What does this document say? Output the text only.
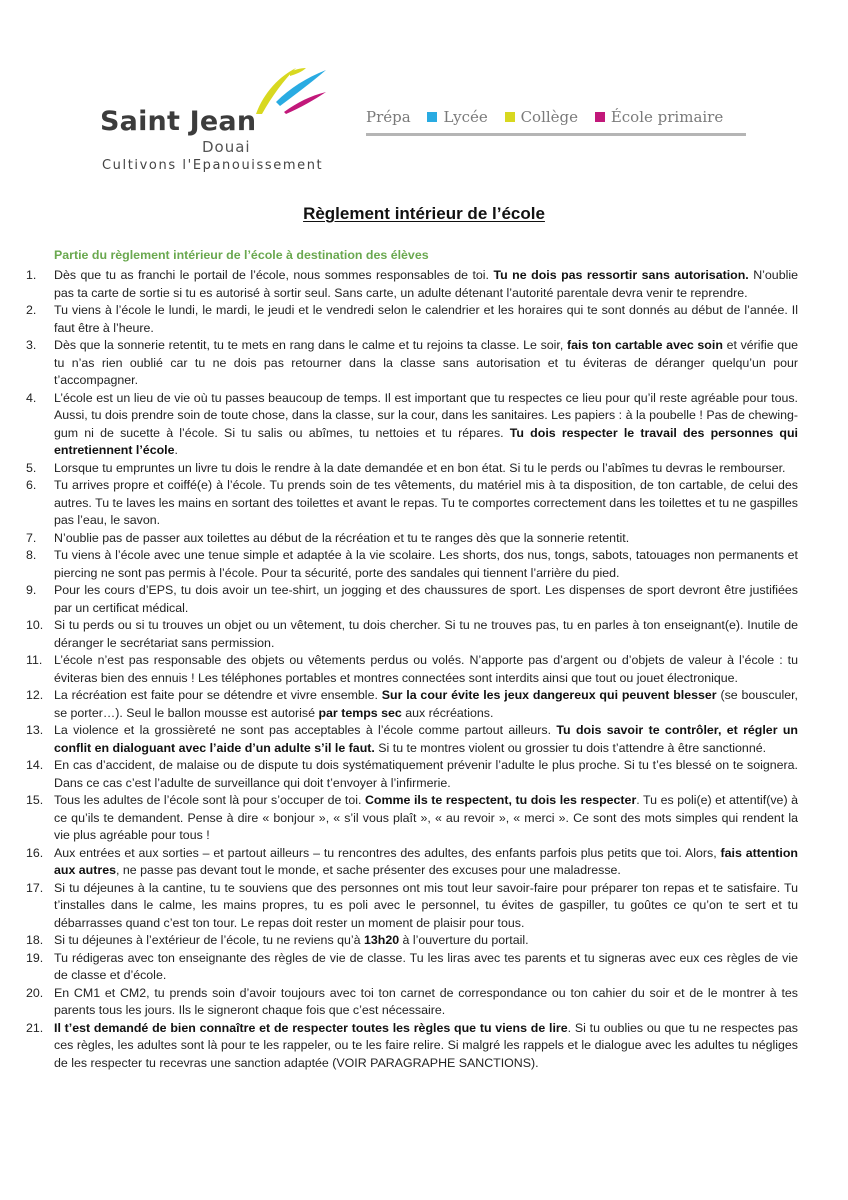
Saint Jean
Douai
Cultivons l'Epanouissement
Prépa
Lycée
Collège
École primaire
Règlement intérieur de l’école
Partie du règlement intérieur de l’école à destination des élèves
1.	Dès que tu as franchi le portail de l’école, nous sommes responsables de toi. Tu ne dois pas ressortir sans autorisation. N’oublie pas ta carte de sortie si tu es autorisé à sortir seul. Sans carte, un adulte détenant l’autorité parentale devra venir te reprendre.
2.	Tu viens à l’école le lundi, le mardi, le jeudi et le vendredi selon le calendrier et les horaires qui te sont donnés au début de l’année. Il faut être à l’heure.
3.	Dès que la sonnerie retentit, tu te mets en rang dans le calme et tu rejoins ta classe. Le soir, fais ton cartable avec soin et vérifie que tu n’as rien oublié car tu ne dois pas retourner dans la classe sans autorisation et tu éviteras de déranger quelqu’un pour t’accompagner.
4.	L’école est un lieu de vie où tu passes beaucoup de temps. Il est important que tu respectes ce lieu pour qu’il reste agréable pour tous. Aussi, tu dois prendre soin de toute chose, dans la classe, sur la cour, dans les sanitaires. Les papiers : à la poubelle ! Pas de chewing-gum ni de sucette à l’école. Si tu salis ou abîmes, tu nettoies et tu répares. Tu dois respecter le travail des personnes qui entretiennent l’école.
5.	Lorsque tu empruntes un livre tu dois le rendre à la date demandée et en bon état. Si tu le perds ou l’abîmes tu devras le rembourser.
6.	Tu arrives propre et coiffé(e) à l’école. Tu prends soin de tes vêtements, du matériel mis à ta disposition, de ton cartable, de celui des autres. Tu te laves les mains en sortant des toilettes et avant le repas. Tu te comportes correctement dans les toilettes et tu ne gaspilles pas l’eau, le savon.
7.	N’oublie pas de passer aux toilettes au début de la récréation et tu te ranges dès que la sonnerie retentit.
8.	Tu viens à l’école avec une tenue simple et adaptée à la vie scolaire. Les shorts, dos nus, tongs, sabots, tatouages non permanents et piercing ne sont pas permis à l’école. Pour ta sécurité, porte des sandales qui tiennent l’arrière du pied.
9.	Pour les cours d’EPS, tu dois avoir un tee-shirt, un jogging et des chaussures de sport. Les dispenses de sport devront être justifiées par un certificat médical.
10. Si tu perds ou si tu trouves un objet ou un vêtement, tu dois chercher. Si tu ne trouves pas, tu en parles à ton enseignant(e). Inutile de déranger le secrétariat sans permission.
11. L’école n’est pas responsable des objets ou vêtements perdus ou volés. N’apporte pas d’argent ou d’objets de valeur à l’école : tu éviteras bien des ennuis ! Les téléphones portables et montres connectées sont interdits ainsi que tout ou jouet électronique.
12. La récréation est faite pour se détendre et vivre ensemble. Sur la cour évite les jeux dangereux qui peuvent blesser (se bousculer, se porter…). Seul le ballon mousse est autorisé par temps sec aux récréations.
13. La violence et la grossièreté ne sont pas acceptables à l’école comme partout ailleurs. Tu dois savoir te contrôler, et régler un conflit en dialoguant avec l’aide d’un adulte s’il le faut. Si tu te montres violent ou grossier tu dois t’attendre à être sanctionné.
14. En cas d’accident, de malaise ou de dispute tu dois systématiquement prévenir l’adulte le plus proche. Si tu t’es blessé on te soignera. Dans ce cas c’est l’adulte de surveillance qui doit t’envoyer à l’infirmerie.
15. Tous les adultes de l’école sont là pour s’occuper de toi. Comme ils te respectent, tu dois les respecter. Tu es poli(e) et attentif(ve) à ce qu’ils te demandent. Pense à dire « bonjour », « s’il vous plaît », « au revoir », « merci ». Ce sont des mots simples qui rendent la vie plus agréable pour tous !
16. Aux entrées et aux sorties – et partout ailleurs – tu rencontres des adultes, des enfants parfois plus petits que toi. Alors, fais attention aux autres, ne passe pas devant tout le monde, et sache présenter des excuses pour une maladresse.
17. Si tu déjeunes à la cantine, tu te souviens que des personnes ont mis tout leur savoir-faire pour préparer ton repas et te satisfaire. Tu t’installes dans le calme, les mains propres, tu es poli avec le personnel, tu évites de gaspiller, tu goûtes ce qu’on te sert et tu débarrasses quand c’est ton tour. Le repas doit rester un moment de plaisir pour tous.
18. Si tu déjeunes à l’extérieur de l’école, tu ne reviens qu’à 13h20 à l’ouverture du portail.
19. Tu rédigeras avec ton enseignante des règles de vie de classe. Tu les liras avec tes parents et tu signeras avec eux ces règles de vie de classe et d’école.
20. En CM1 et CM2, tu prends soin d’avoir toujours avec toi ton carnet de correspondance ou ton cahier du soir et de le montrer à tes parents tous les jours. Ils le signeront chaque fois que c’est nécessaire.
21. Il t’est demandé de bien connaître et de respecter toutes les règles que tu viens de lire. Si tu oublies ou que tu ne respectes pas ces règles, les adultes sont là pour te les rappeler, ou te les faire relire. Si malgré les rappels et le dialogue avec les adultes tu négliges de les respecter tu recevras une sanction adaptée (VOIR PARAGRAPHE SANCTIONS).
